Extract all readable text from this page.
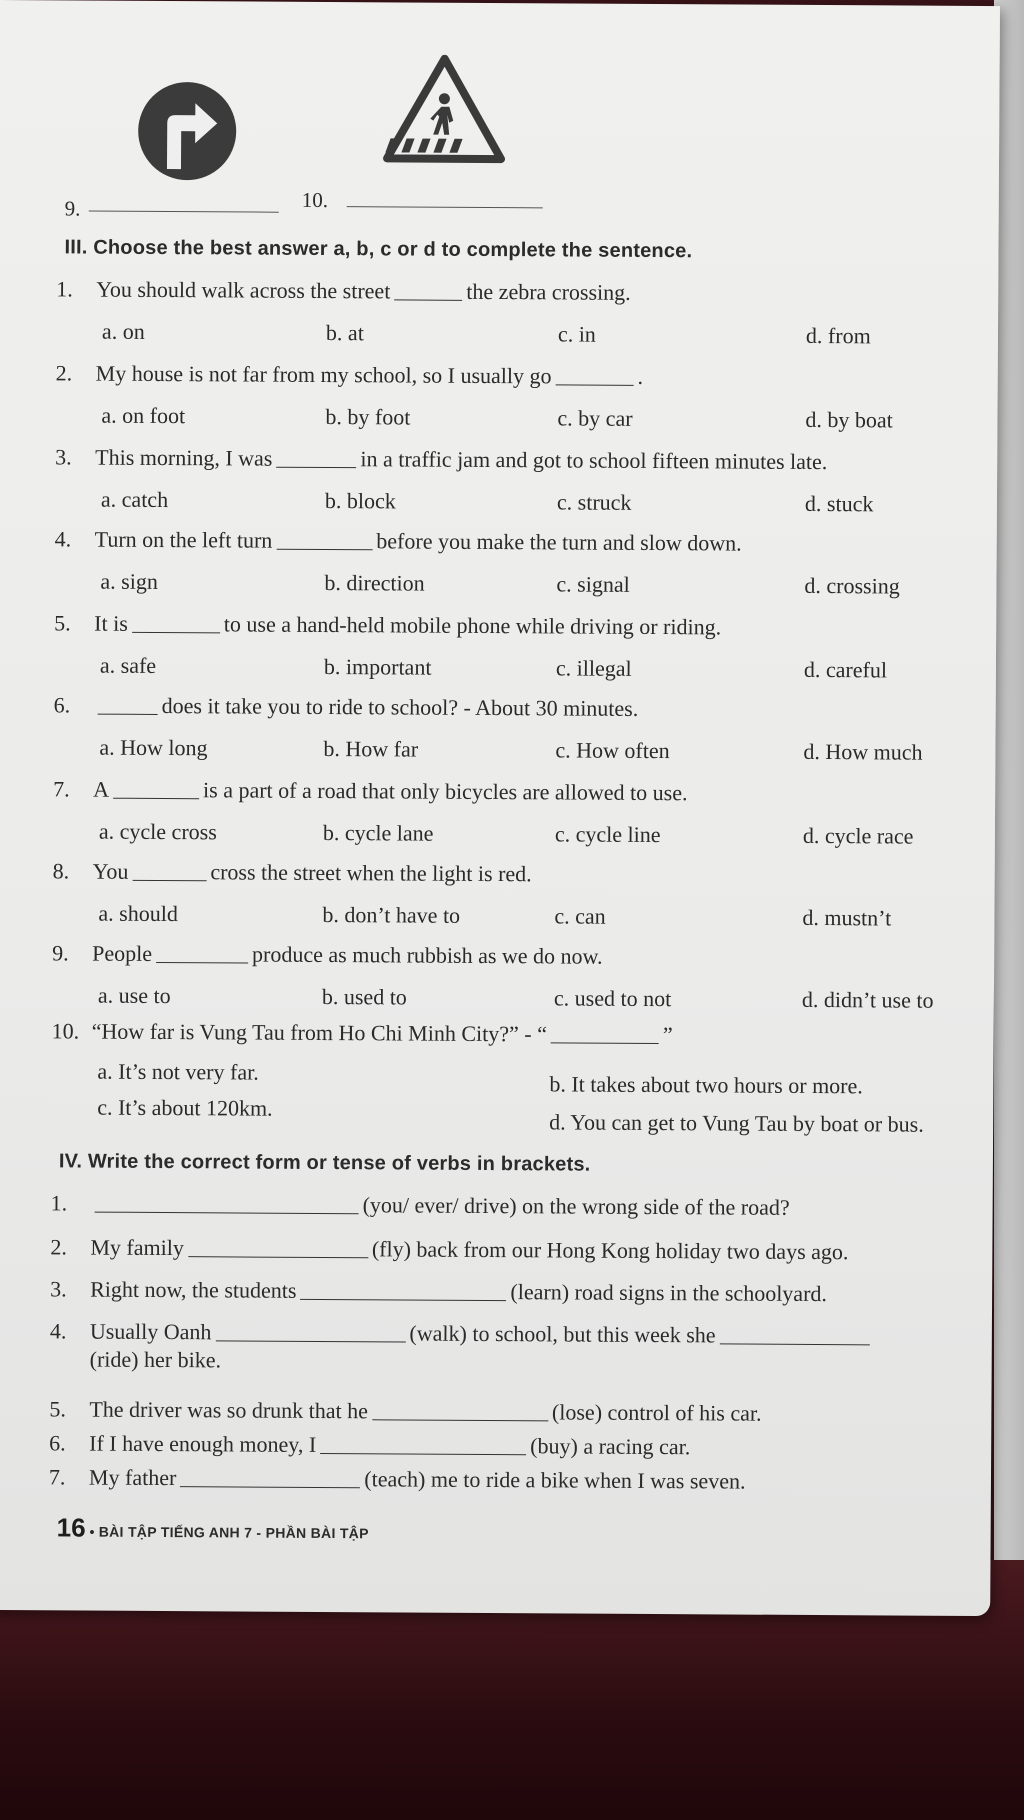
9.	10.
III. Choose the best answer a, b, c or d to complete the sentence.
1. You should walk across the street	the zebra crossing.
a. on	b. at	c. in	d. from
2. My house is not far from my school, so I usually go	.
a. on foot	b. by foot	c. by car	d. by boat
3. This morning, I was	in a traffic jam and got to school fifteen minutes late.
a. catch	b. block	c. struck	d. stuck
4. Turn on the left turn	before you make the turn and slow down.
a. sign	b. direction	c. signal	d. crossing
5. It is	to use a hand-held mobile phone while driving or riding.
a. safe	b. important	c. illegal	d. careful
6.	does it take you to ride to school? - About 30 minutes.
a. How long	b. How far	c. How often	d. How much
7. A	is a part of a road that only bicycles are allowed to use.
a. cycle cross	b. cycle lane	c. cycle line	d. cycle race
8. You	cross the street when the light is red.
a. should	b. don’t have to	c. can	d. mustn’t
9. People	produce as much rubbish as we do now.
a. use to	b. used to	c. used to not	d. didn’t use to
10. “How far is Vung Tau from Ho Chi Minh City?” - “	”
a. It’s not very far.	b. It takes about two hours or more.
c. It’s about 120km.
d. You can get to Vung Tau by boat or bus.
IV. Write the correct form or tense of verbs in brackets.
1.	(you/ ever/ drive) on the wrong side of the road?
2. My family	(fly) back from our Hong Kong holiday two days ago.
3. Right now, the students	(learn) road signs in the schoolyard.
4. Usually Oanh	(walk) to school, but this week she
(ride) her bike.
5. The driver was so drunk that he	(lose) control of his car.
6. If I have enough money, I	(buy) a racing car.
7. My father	(teach) me to ride a bike when I was seven.
16 • BÀI TẬP TIẾNG ANH 7 - PHẦN BÀI TẬP
